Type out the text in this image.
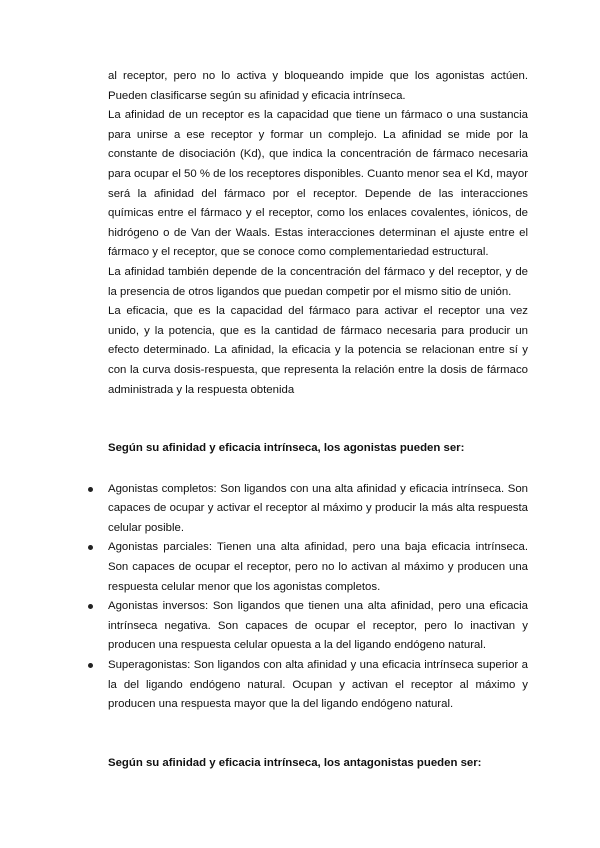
al receptor, pero no lo activa y bloqueando impide que los agonistas actúen. Pueden clasificarse según su afinidad y eficacia intrínseca.

La afinidad de un receptor es la capacidad que tiene un fármaco o una sustancia para unirse a ese receptor y formar un complejo. La afinidad se mide por la constante de disociación (Kd), que indica la concentración de fármaco necesaria para ocupar el 50 % de los receptores disponibles. Cuanto menor sea el Kd, mayor será la afinidad del fármaco por el receptor. Depende de las interacciones químicas entre el fármaco y el receptor, como los enlaces covalentes, iónicos, de hidrógeno o de Van der Waals. Estas interacciones determinan el ajuste entre el fármaco y el receptor, que se conoce como complementariedad estructural.

La afinidad también depende de la concentración del fármaco y del receptor, y de la presencia de otros ligandos que puedan competir por el mismo sitio de unión.

La eficacia, que es la capacidad del fármaco para activar el receptor una vez unido, y la potencia, que es la cantidad de fármaco necesaria para producir un efecto determinado. La afinidad, la eficacia y la potencia se relacionan entre sí y con la curva dosis-respuesta, que representa la relación entre la dosis de fármaco administrada y la respuesta obtenida

Según su afinidad y eficacia intrínseca, los agonistas pueden ser:

Agonistas completos: Son ligandos con una alta afinidad y eficacia intrínseca. Son capaces de ocupar y activar el receptor al máximo y producir la más alta respuesta celular posible.
Agonistas parciales: Tienen una alta afinidad, pero una baja eficacia intrínseca. Son capaces de ocupar el receptor, pero no lo activan al máximo y producen una respuesta celular menor que los agonistas completos.
Agonistas inversos: Son ligandos que tienen una alta afinidad, pero una eficacia intrínseca negativa. Son capaces de ocupar el receptor, pero lo inactivan y producen una respuesta celular opuesta a la del ligando endógeno natural.
Superagonistas: Son ligandos con alta afinidad y una eficacia intrínseca superior a la del ligando endógeno natural. Ocupan y activan el receptor al máximo y producen una respuesta mayor que la del ligando endógeno natural.

Según su afinidad y eficacia intrínseca, los antagonistas pueden ser:
